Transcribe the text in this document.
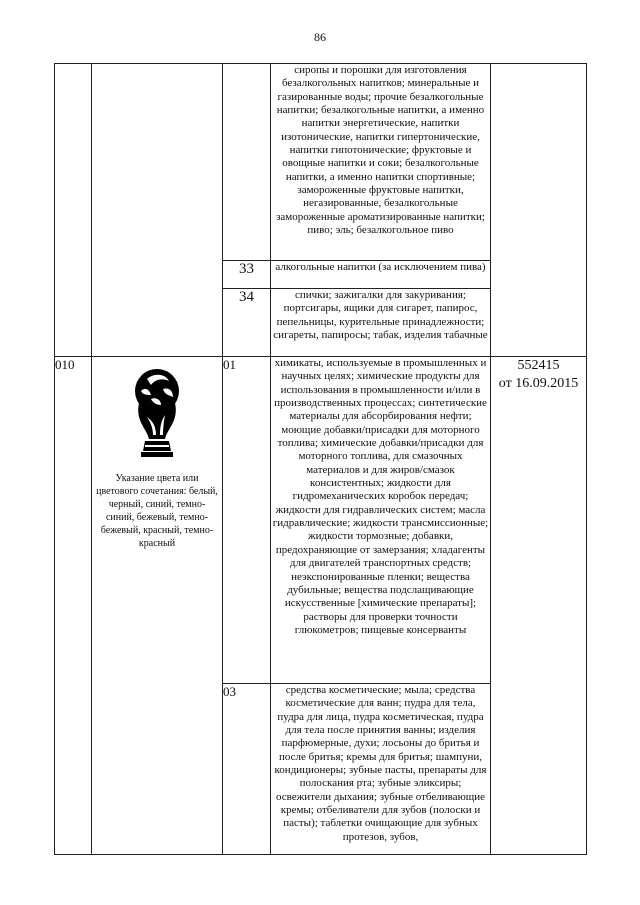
86
			сиропы и порошки для изготовления безалкогольных напитков; минеральные и газированные воды; прочие безалкогольные напитки; безалкогольные напитки, а именно напитки энергетические, напитки изотонические, напитки гипертонические, напитки гипотонические; фруктовые и овощные напитки и соки; безалкогольные напитки, а именно напитки спортивные; замороженные фруктовые напитки, негазированные, безалкогольные замороженные ароматизированные напитки; пиво; эль; безалкогольное пиво	
		33	алкогольные напитки (за исключением пива)	
		34	спички; зажигалки для закуривания; портсигары, ящики для сигарет, папирос, пепельницы, курительные принадлежности; сигареты, папиросы; табак, изделия табачные	
010	Указание цвета или цветового сочетания: белый, черный, синий, темно-синий, бежевый, темно-бежевый, красный, темно-красный	01	химикаты, используемые в промышленных и научных целях; химические продукты для использования в промышленности и/или в производственных процессах; синтетические материалы для абсорбирования нефти; моющие добавки/присадки для моторного топлива; химические добавки/присадки для моторного топлива, для смазочных материалов и для жиров/смазок консистентных; жидкости для гидромеханических коробок передач; жидкости для гидравлических систем; масла гидравлические; жидкости трансмиссионные; жидкости тормозные; добавки, предохраняющие от замерзания; хладагенты для двигателей транспортных средств; неэкспонированные пленки; вещества дубильные; вещества подслащивающие искусственные [химические препараты]; растворы для проверки точности глюкометров; пищевые консерванты	552415
от 16.09.2015

		03	средства косметические; мыла; средства косметические для ванн; пудра для тела, пудра для лица, пудра косметическая, пудра для тела после принятия ванны; изделия парфюмерные, духи; лосьоны до бритья и после бритья; кремы для бритья; шампуни, кондиционеры; зубные пасты, препараты для полоскания рта; зубные эликсиры; освежители дыхания; зубные отбеливающие кремы; отбеливатели для зубов (полоски и пасты); таблетки очищающие для зубных протезов, зубов,	
